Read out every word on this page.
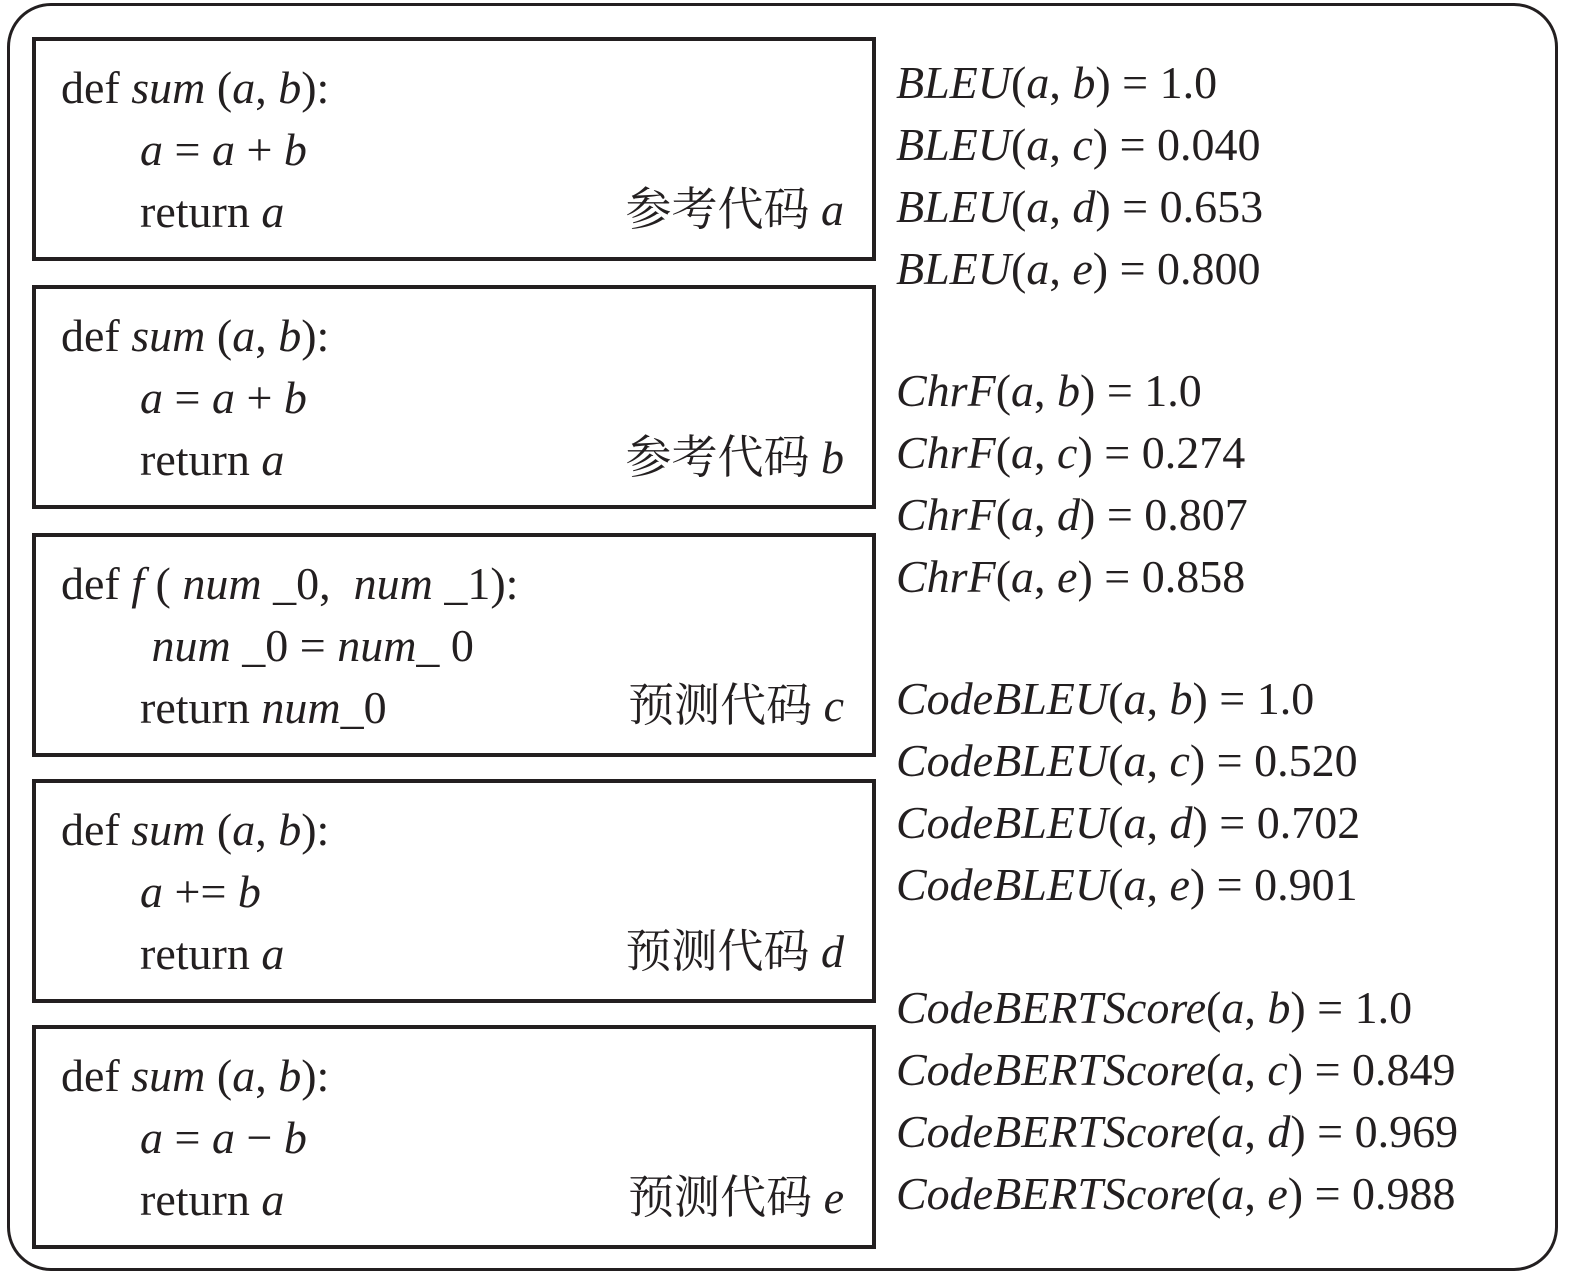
def sum (a, b):
a = a + b
return a	参考代码 a
def sum (a, b):
a = a + b
return a	参考代码 b
def f ( num _0,  num _1):
num _0 = num_ 0
return num_0	预测代码 c
def sum (a, b):
a += b
return a	预测代码 d
def sum (a, b):
a = a − b
return a	预测代码 e
BLEU(a, b) = 1.0
BLEU(a, c) = 0.040
BLEU(a, d) = 0.653
BLEU(a, e) = 0.800
ChrF(a, b) = 1.0
ChrF(a, c) = 0.274
ChrF(a, d) = 0.807
ChrF(a, e) = 0.858
CodeBLEU(a, b) = 1.0
CodeBLEU(a, c) = 0.520
CodeBLEU(a, d) = 0.702
CodeBLEU(a, e) = 0.901
CodeBERTScore(a, b) = 1.0
CodeBERTScore(a, c) = 0.849
CodeBERTScore(a, d) = 0.969
CodeBERTScore(a, e) = 0.988
